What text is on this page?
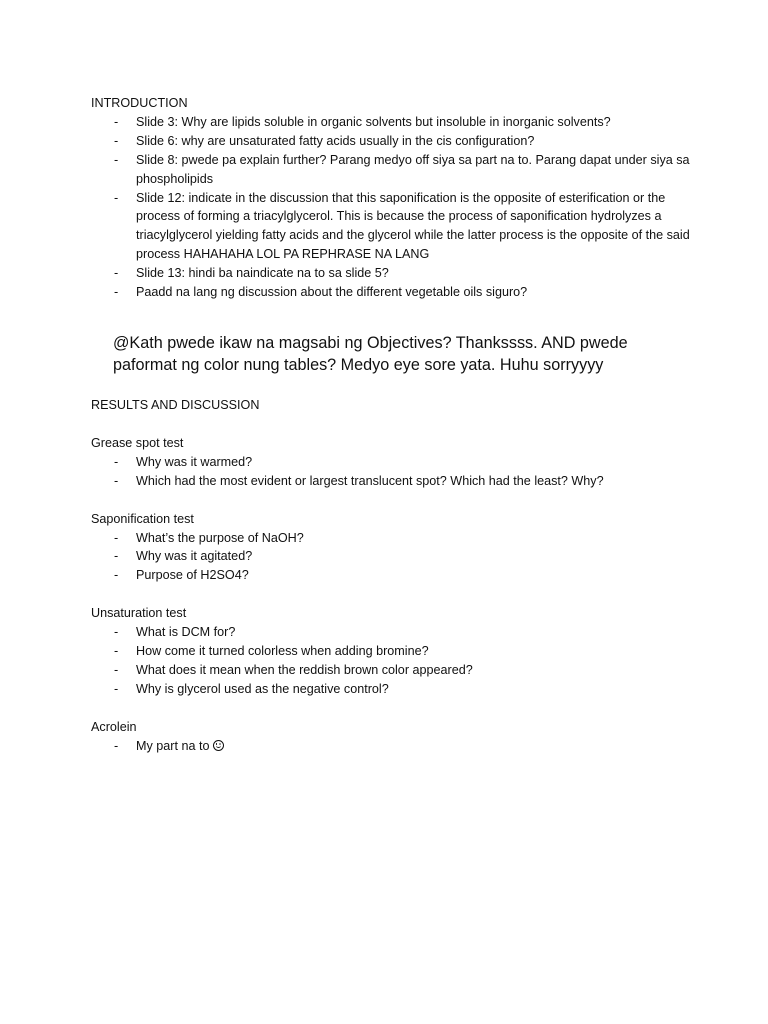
INTRODUCTION
- Slide 3: Why are lipids soluble in organic solvents but insoluble in inorganic solvents?
- Slide 6: why are unsaturated fatty acids usually in the cis configuration?
- Slide 8: pwede pa explain further? Parang medyo off siya sa part na to. Parang dapat under siya sa phospholipids
- Slide 12: indicate in the discussion that this saponification is the opposite of esterification or the process of forming a triacylglycerol. This is because the process of saponification hydrolyzes a triacylglycerol yielding fatty acids and the glycerol while the latter process is the opposite of the said process HAHAHAHA LOL PA REPHRASE NA LANG
- Slide 13: hindi ba naindicate na to sa slide 5?
- Paadd na lang ng discussion about the different vegetable oils siguro?
@Kath pwede ikaw na magsabi ng Objectives? Thankssss. AND pwede paformat ng color nung tables? Medyo eye sore yata. Huhu sorryyyy
RESULTS AND DISCUSSION
Grease spot test
- Why was it warmed?
- Which had the most evident or largest translucent spot? Which had the least? Why?
Saponification test
- What’s the purpose of NaOH?
- Why was it agitated?
- Purpose of H2SO4?
Unsaturation test
- What is DCM for?
- How come it turned colorless when adding bromine?
- What does it mean when the reddish brown color appeared?
- Why is glycerol used as the negative control?
Acrolein
- My part na to
